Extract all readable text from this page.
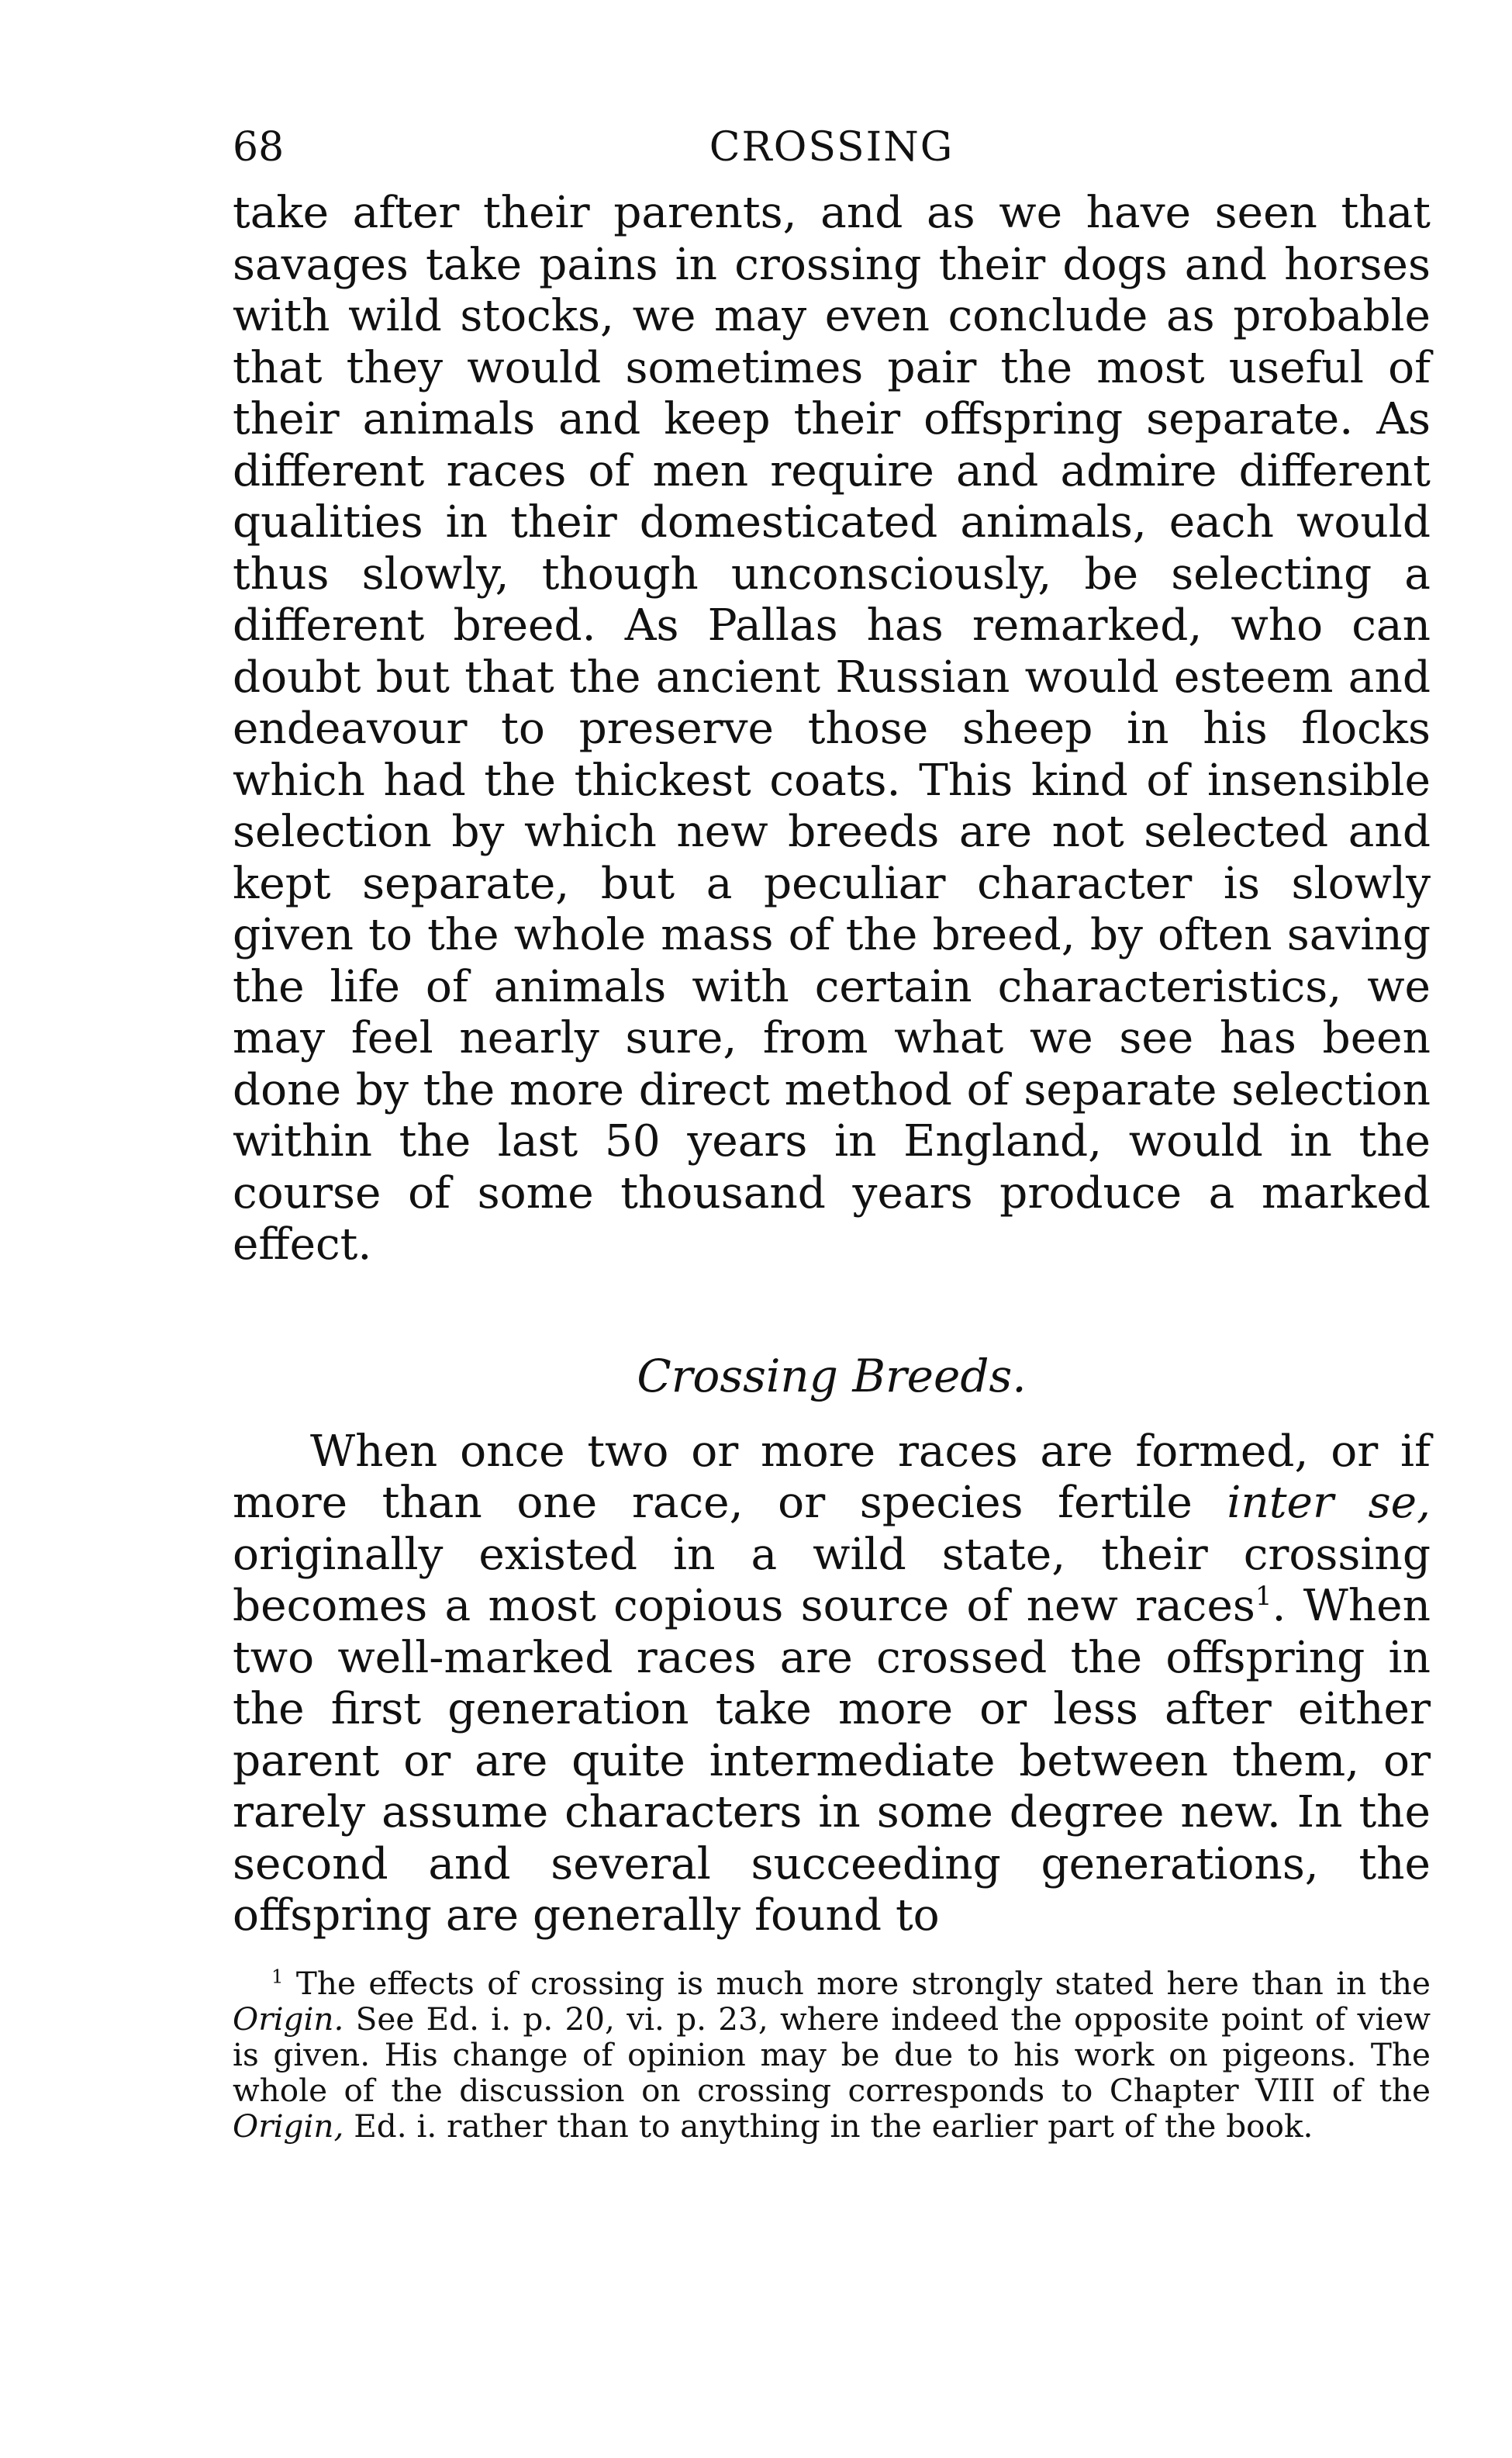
68	CROSSING

take after their parents, and as we have seen that savages take pains in crossing their dogs and horses with wild stocks, we may even conclude as probable that they would sometimes pair the most useful of their animals and keep their offspring separate. As different races of men require and admire different qualities in their domesticated animals, each would thus slowly, though unconsciously, be selecting a different breed. As Pallas has remarked, who can doubt but that the ancient Russian would esteem and endeavour to preserve those sheep in his flocks which had the thickest coats. This kind of insensible selection by which new breeds are not selected and kept separate, but a peculiar character is slowly given to the whole mass of the breed, by often saving the life of animals with certain characteristics, we may feel nearly sure, from what we see has been done by the more direct method of separate selection within the last 50 years in England, would in the course of some thousand years produce a marked effect.

Crossing Breeds.

When once two or more races are formed, or if more than one race, or species fertile inter se, originally existed in a wild state, their crossing becomes a most copious source of new races$^1$. When two well-marked races are crossed the offspring in the first generation take more or less after either parent or are quite intermediate between them, or rarely assume characters in some degree new. In the second and several succeeding generations, the offspring are generally found to

$^1$ The effects of crossing is much more strongly stated here than in the Origin. See Ed. i. p. 20, vi. p. 23, where indeed the opposite point of view is given. His change of opinion may be due to his work on pigeons. The whole of the discussion on crossing corresponds to Chapter VIII of the Origin, Ed. i. rather than to anything in the earlier part of the book.
